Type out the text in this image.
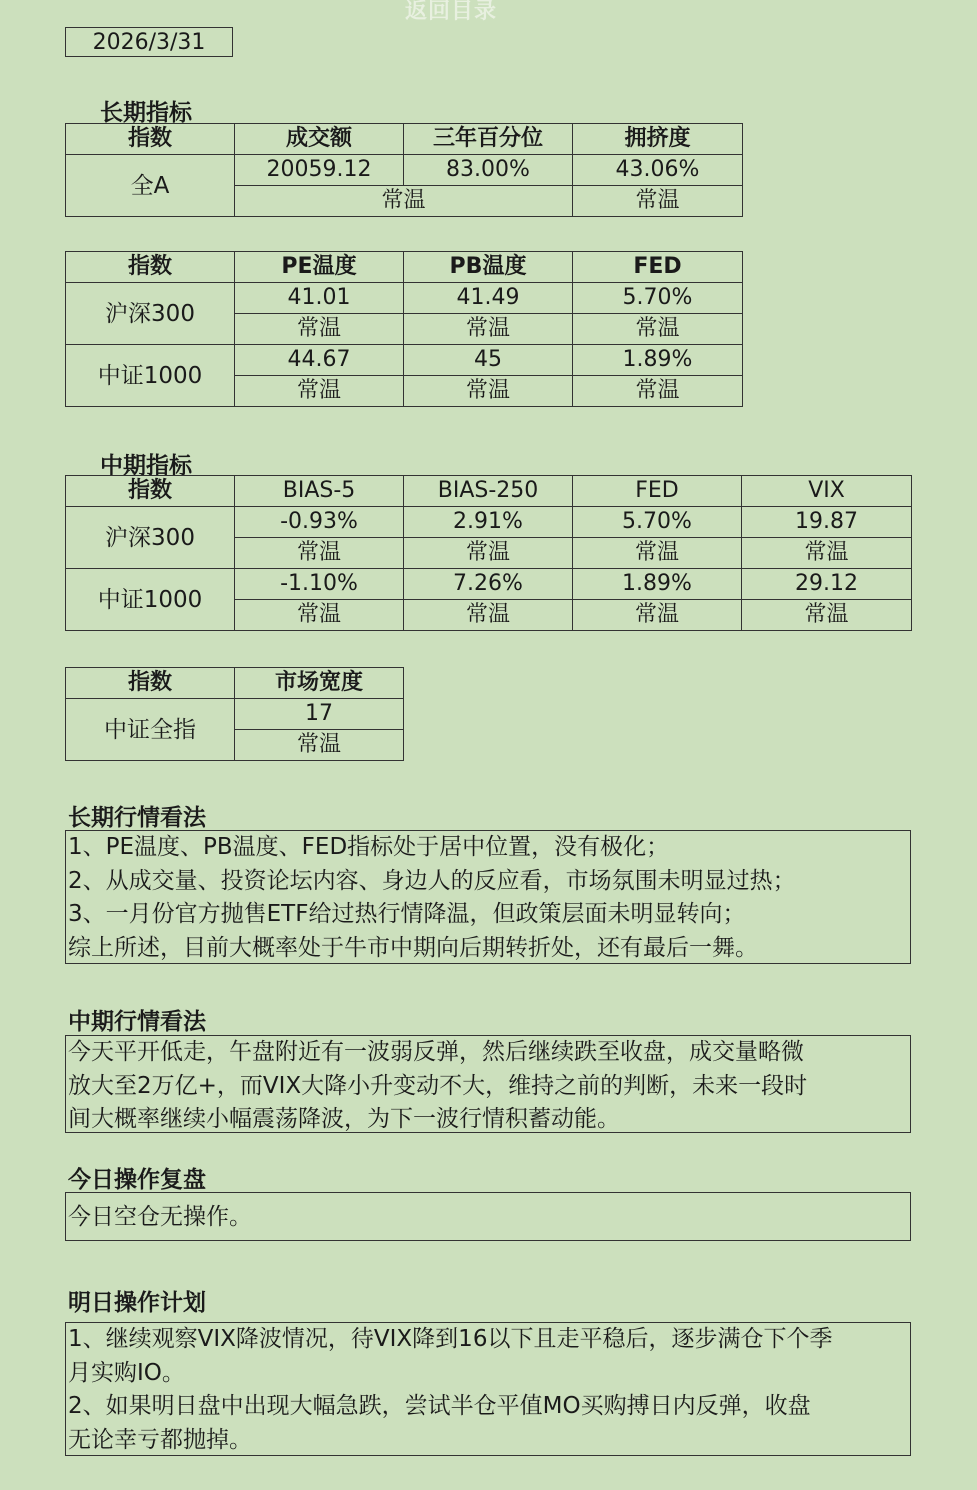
返回目录
2026/3/31
长期指标
指数	成交额	三年百分位	拥挤度
全A	20059.12	83.00%	43.06%
	常温		常温
指数	PE温度	PB温度	FED
沪深300	41.01	41.49	5.70%
	常温	常温	常温
中证1000	44.67	45	1.89%
	常温	常温	常温
中期指标
指数	BIAS-5	BIAS-250	FED	VIX
沪深300	-0.93%	2.91%	5.70%	19.87
	常温	常温	常温	常温
中证1000	-1.10%	7.26%	1.89%	29.12
	常温	常温	常温	常温
指数	市场宽度
中证全指	17
	常温
长期行情看法
1、PE温度、PB温度、FED指标处于居中位置，没有极化；
2、从成交量、投资论坛内容、身边人的反应看，市场氛围未明显过热；
3、一月份官方抛售ETF给过热行情降温，但政策层面未明显转向；
综上所述，目前大概率处于牛市中期向后期转折处，还有最后一舞。
中期行情看法
今天平开低走，午盘附近有一波弱反弹，然后继续跌至收盘，成交量略微
放大至2万亿+，而VIX大降小升变动不大，维持之前的判断，未来一段时
间大概率继续小幅震荡降波，为下一波行情积蓄动能。
今日操作复盘
今日空仓无操作。
明日操作计划
1、继续观察VIX降波情况，待VIX降到16以下且走平稳后，逐步满仓下个季
月实购IO。
2、如果明日盘中出现大幅急跌，尝试半仓平值MO买购搏日内反弹，收盘
无论幸亏都抛掉。
